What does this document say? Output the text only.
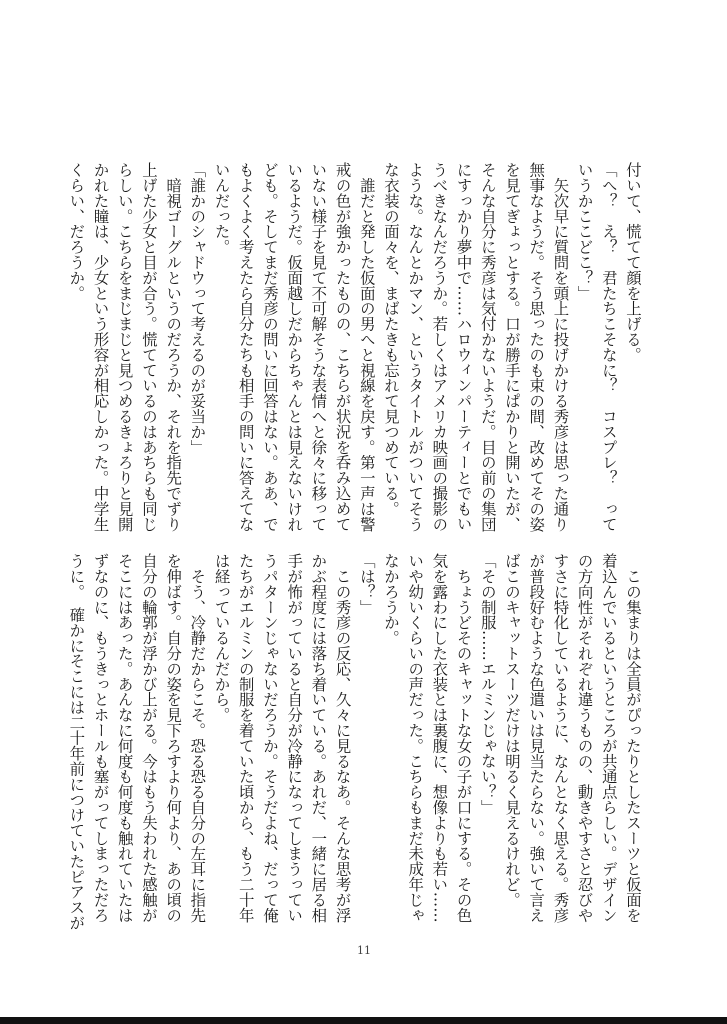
付いて、慌てて顔を上げる。

「へ？　え？　君たちこそなに？　コスプレ？　って

いうかここどこ？」

　矢次早に質問を頭上に投げかける秀彦は思った通り

無事なようだ。そう思ったのも束の間、改めてその姿

を見てぎょっとする。口が勝手にぱかりと開いたが、

そんな自分に秀彦は気付かないようだ。目の前の集団

にすっかり夢中で……ハロウィンパーティーとでもい

うべきなんだろうか。若しくはアメリカ映画の撮影の

ような。なんとかマン、というタイトルがついてそう

な衣装の面々を、まばたきも忘れて見つめている。

　誰だと発した仮面の男へと視線を戻す。第一声は警

戒の色が強かったものの、こちらが状況を呑み込めて

いない様子を見て不可解そうな表情へと徐々に移って

いるようだ。仮面越しだからちゃんとは見えないけれ

ども。そしてまだ秀彦の問いに回答はない。ああ、で

もよくよく考えたら自分たちも相手の問いに答えてな

いんだった。

「誰かのシャドウって考えるのが妥当か」

　暗視ゴーグルというのだろうか、それを指先でずり

上げた少女と目が合う。慌てているのはあちらも同じ

らしい。こちらをまじまじと見つめるきょろりと見開

かれた瞳は、少女という形容が相応しかった。中学生

くらい、だろうか。

　この集まりは全員がぴったりとしたスーツと仮面を

着込んでいるというところが共通点らしい。デザイン

の方向性がそれぞれ違うものの、動きやすさと忍びや

すさに特化しているように、なんとなく思える。秀彦

が普段好むような色遣いは見当たらない。強いて言え

ばこのキャットスーツだけは明るく見えるけれど。

「その制服……エルミンじゃない？」

　ちょうどそのキャットな女の子が口にする。その色

気を露わにした衣装とは裏腹に、想像よりも若い……

いや幼いくらいの声だった。こちらもまだ未成年じゃ

なかろうか。

「は？」

　この秀彦の反応、久々に見るなあ。そんな思考が浮

かぶ程度には落ち着いている。あれだ、一緒に居る相

手が怖がっていると自分が冷静になってしまうってい

うパターンじゃないだろうか。そうだよね、だって俺

たちがエルミンの制服を着ていた頃から、もう二十年

は経っているんだから。

　そう、冷静だからこそ。恐る恐る自分の左耳に指先

を伸ばす。自分の姿を見下ろすより何より、あの頃の

自分の輪郭が浮かび上がる。今はもう失われた感触が

そこにはあった。あんなに何度も何度も触れていたは

ずなのに、もうきっとホールも塞がってしまっただろ

うに。　確かにそこには二十年前につけていたピアスが

11
